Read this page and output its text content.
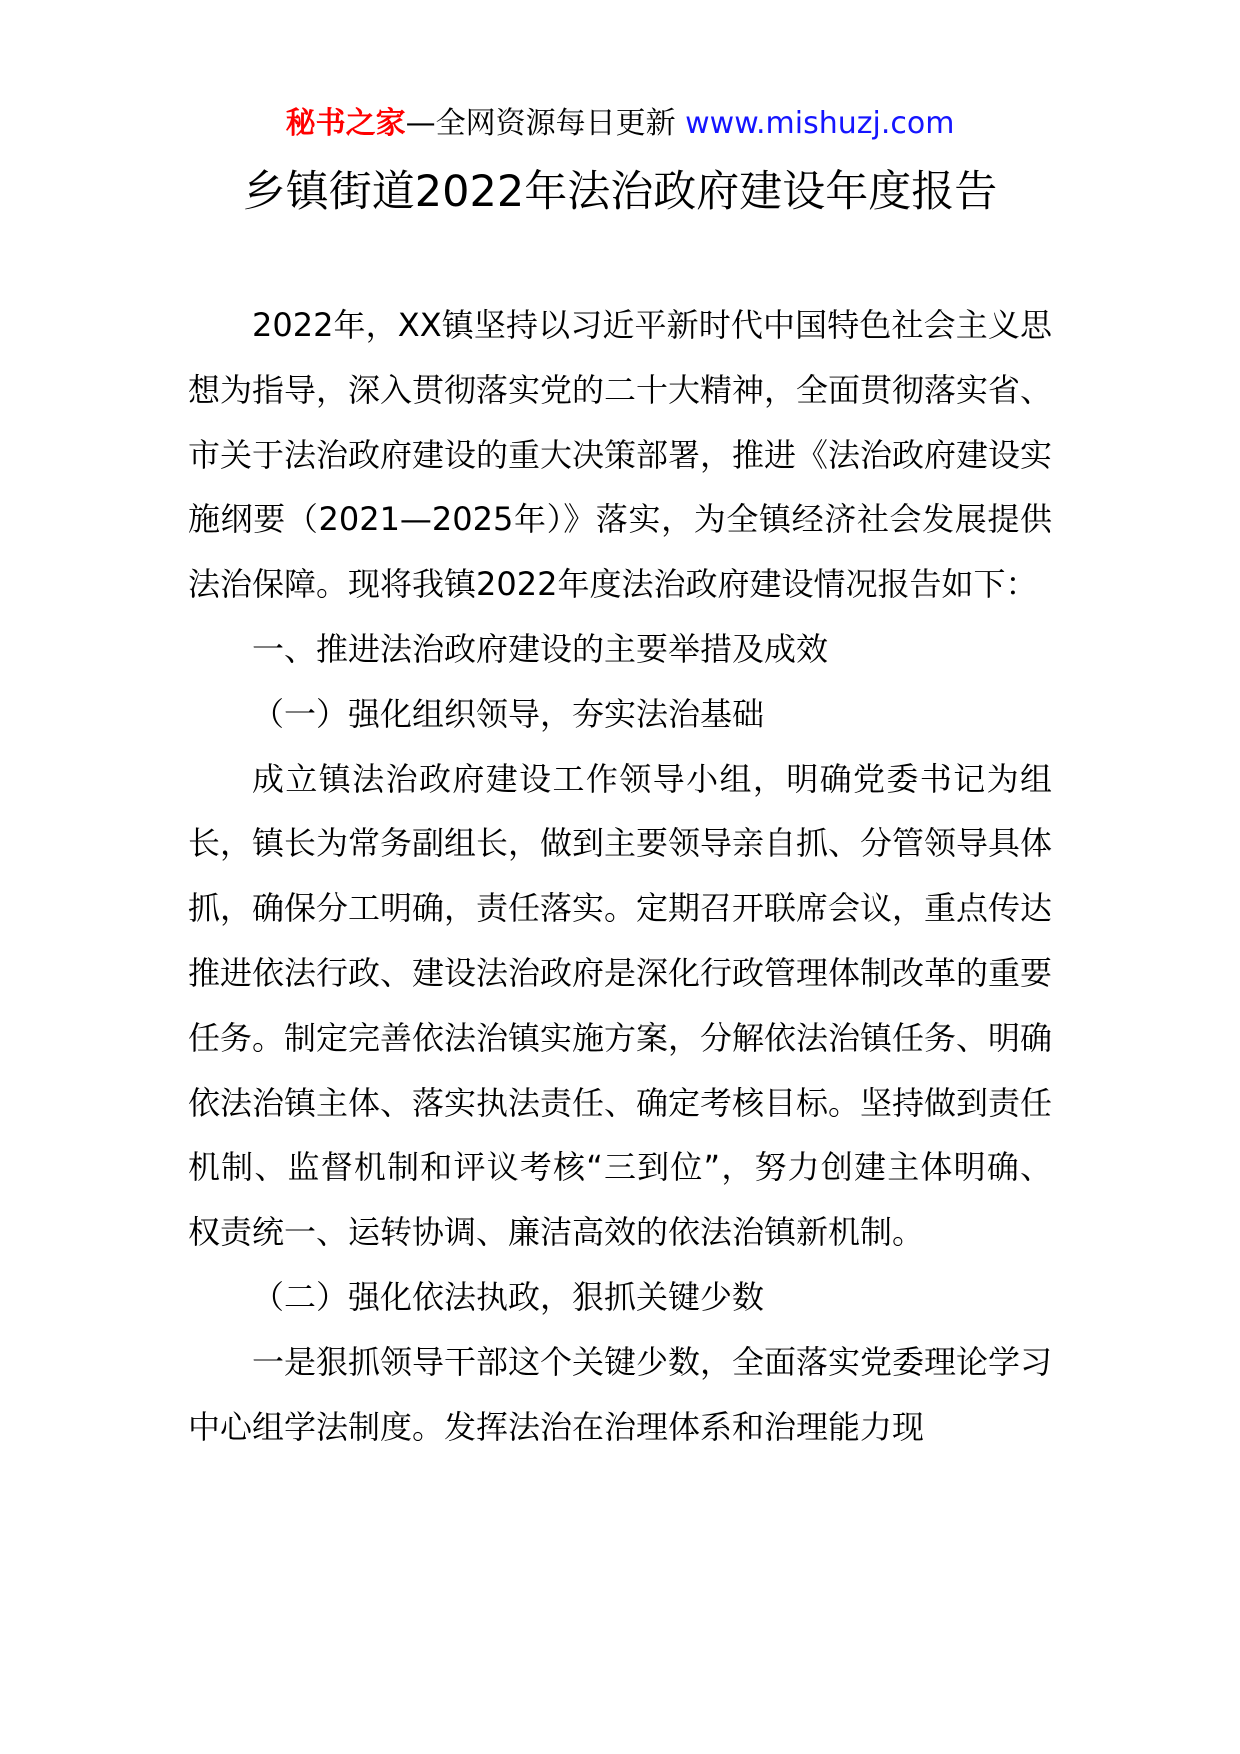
秘书之家—全网资源每日更新 www.mishuzj.com
乡镇街道2022年法治政府建设年度报告

2022年，XX镇坚持以习近平新时代中国特色社会主义思想为指导，深入贯彻落实党的二十大精神，全面贯彻落实省、市关于法治政府建设的重大决策部署，推进《法治政府建设实施纲要（2021—2025年）》落实，为全镇经济社会发展提供法治保障。现将我镇2022年度法治政府建设情况报告如下：

一、推进法治政府建设的主要举措及成效

（一）强化组织领导，夯实法治基础

成立镇法治政府建设工作领导小组，明确党委书记为组长，镇长为常务副组长，做到主要领导亲自抓、分管领导具体抓，确保分工明确，责任落实。定期召开联席会议，重点传达推进依法行政、建设法治政府是深化行政管理体制改革的重要任务。制定完善依法治镇实施方案，分解依法治镇任务、明确依法治镇主体、落实执法责任、确定考核目标。坚持做到责任机制、监督机制和评议考核“三到位”，努力创建主体明确、权责统一、运转协调、廉洁高效的依法治镇新机制。

（二）强化依法执政，狠抓关键少数

一是狠抓领导干部这个关键少数，全面落实党委理论学习中心组学法制度。发挥法治在治理体系和治理能力现
